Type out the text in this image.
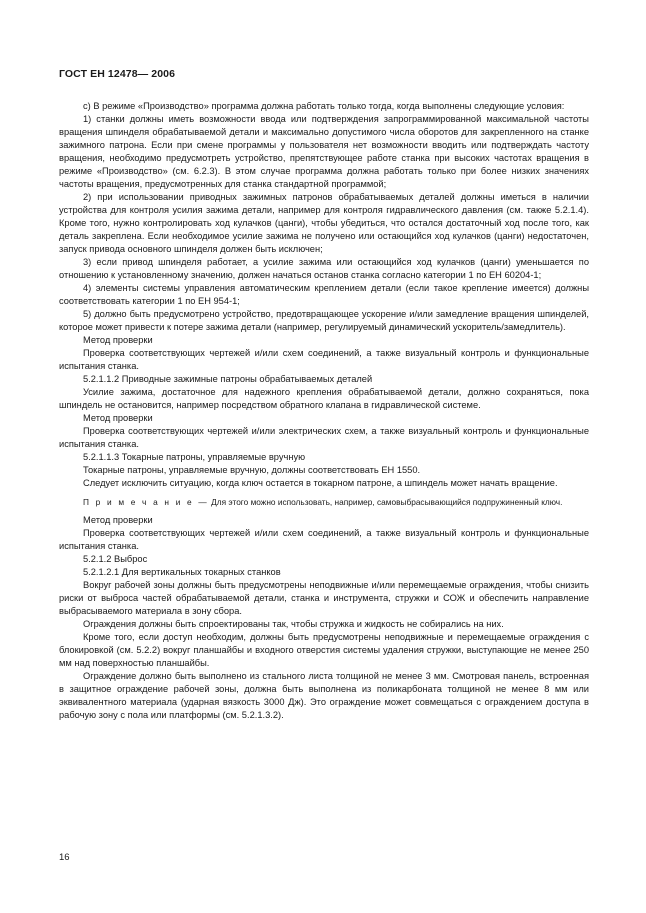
ГОСТ ЕН 12478— 2006

с) В режиме «Производство» программа должна работать только тогда, когда выполнены следующие условия:

1) станки должны иметь возможности ввода или подтверждения запрограммированной максимальной частоты вращения шпинделя обрабатываемой детали и максимально допустимого числа оборотов для закрепленного на станке зажимного патрона. Если при смене программы у пользователя нет возможности вводить или подтверждать частоту вращения, необходимо предусмотреть устройство, препятствующее работе станка при высоких частотах вращения в режиме «Производство» (см. 6.2.3). В этом случае программа должна работать только при более низких значениях частоты вращения, предусмотренных для станка стандартной программой;

2) при использовании приводных зажимных патронов обрабатываемых деталей должны иметься в наличии устройства для контроля усилия зажима детали, например для контроля гидравлического давления (см. также 5.2.1.4). Кроме того, нужно контролировать ход кулачков (цанги), чтобы убедиться, что остался достаточный ход после того, как деталь закреплена. Если необходимое усилие зажима не получено или остающийся ход кулачков (цанги) недостаточен, запуск привода основного шпинделя должен быть исключен;

3) если привод шпинделя работает, а усилие зажима или остающийся ход кулачков (цанги) уменьшается по отношению к установленному значению, должен начаться останов станка согласно категории 1 по ЕН 60204-1;

4) элементы системы управления автоматическим креплением детали (если такое крепление имеется) должны соответствовать категории 1 по ЕН 954-1;

5) должно быть предусмотрено устройство, предотвращающее ускорение и/или замедление вращения шпинделей, которое может привести к потере зажима детали (например, регулируемый динамический ускоритель/замедлитель).

Метод проверки

Проверка соответствующих чертежей и/или схем соединений, а также визуальный контроль и функциональные испытания станка.

5.2.1.1.2 Приводные зажимные патроны обрабатываемых деталей

Усилие зажима, достаточное для надежного крепления обрабатываемой детали, должно сохраняться, пока шпиндель не остановится, например посредством обратного клапана в гидравлической системе.

Метод проверки

Проверка соответствующих чертежей и/или электрических схем, а также визуальный контроль и функциональные испытания станка.

5.2.1.1.3 Токарные патроны, управляемые вручную

Токарные патроны, управляемые вручную, должны соответствовать ЕН 1550.

Следует исключить ситуацию, когда ключ остается в токарном патроне, а шпиндель может начать вращение.

П р и м е ч а н и е — Для этого можно использовать, например, самовыбрасывающийся подпружиненный ключ.

Метод проверки

Проверка соответствующих чертежей и/или схем соединений, а также визуальный контроль и функциональные испытания станка.

5.2.1.2 Выброс

5.2.1.2.1 Для вертикальных токарных станков

Вокруг рабочей зоны должны быть предусмотрены неподвижные и/или перемещаемые ограждения, чтобы снизить риски от выброса частей обрабатываемой детали, станка и инструмента, стружки и СОЖ и обеспечить направление выбрасываемого материала в зону сбора.

Ограждения должны быть спроектированы так, чтобы стружка и жидкость не собирались на них.

Кроме того, если доступ необходим, должны быть предусмотрены неподвижные и перемещаемые ограждения с блокировкой (см. 5.2.2) вокруг планшайбы и входного отверстия системы удаления стружки, выступающие не менее 250 мм над поверхностью планшайбы.

Ограждение должно быть выполнено из стального листа толщиной не менее 3 мм. Смотровая панель, встроенная в защитное ограждение рабочей зоны, должна быть выполнена из поликарбоната толщиной не менее 8 мм или эквивалентного материала (ударная вязкость 3000 Дж). Это ограждение может совмещаться с ограждением доступа в рабочую зону с пола или платформы (см. 5.2.1.3.2).

16
